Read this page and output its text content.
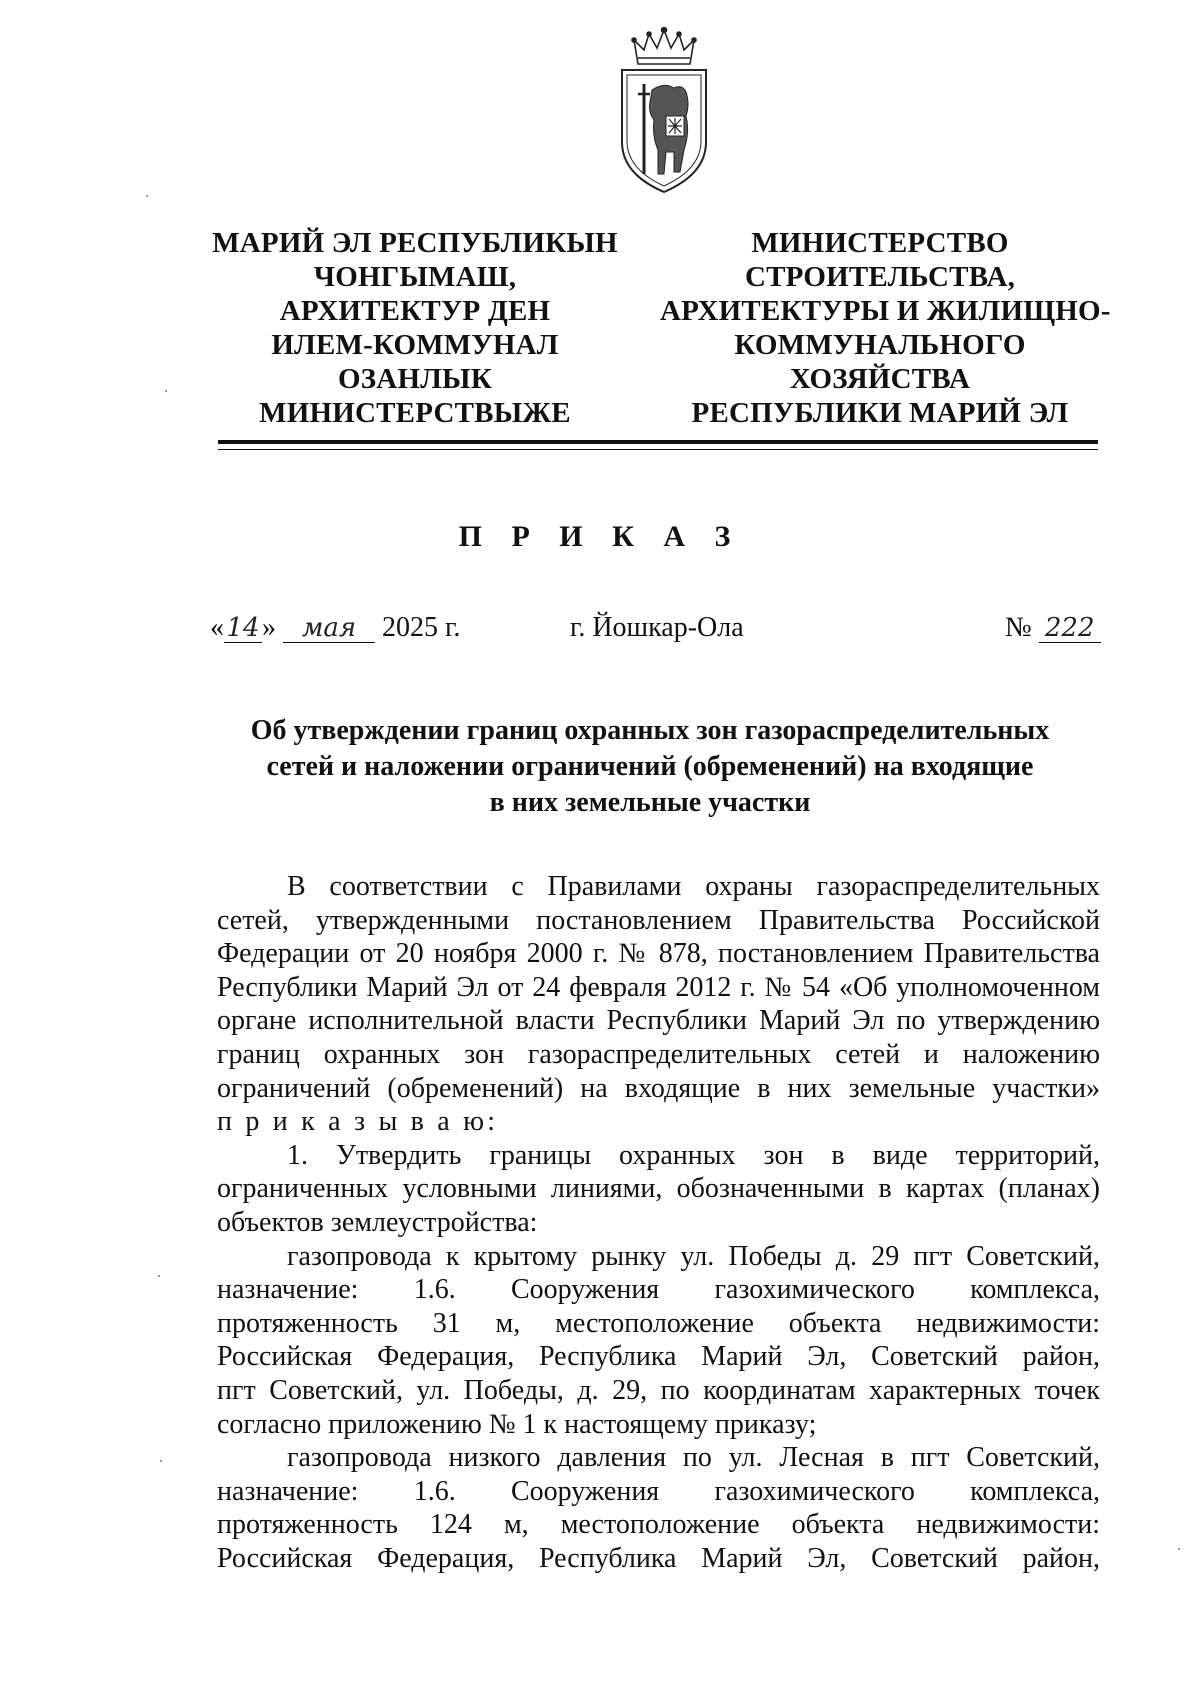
МАРИЙ ЭЛ РЕСПУБЛИКЫН
ЧОНГЫМАШ,
АРХИТЕКТУР ДЕН
ИЛЕМ-КОММУНАЛ
ОЗАНЛЫК
МИНИСТЕРСТВЫЖЕ
МИНИСТЕРСТВО
СТРОИТЕЛЬСТВА,
АРХИТЕКТУРЫ И ЖИЛИЩНО-
КОММУНАЛЬНОГО
ХОЗЯЙСТВА
РЕСПУБЛИКИ МАРИЙ ЭЛ
П Р И К А З
«14» мая 2025 г.	г. Йошкар-Ола	№ 222
Об утверждении границ охранных зон газораспределительных
сетей и наложении ограничений (обременений) на входящие
в них земельные участки
В соответствии с Правилами охраны газораспределительных
сетей, утвержденными постановлением Правительства Российской
Федерации от 20 ноября 2000 г. № 878, постановлением Правительства
Республики Марий Эл от 24 февраля 2012 г. № 54 «Об уполномоченном
органе исполнительной власти Республики Марий Эл по утверждению
границ охранных зон газораспределительных сетей и наложению
ограничений (обременений) на входящие в них земельные участки»
п р и к а з ы в а ю:
1. Утвердить границы охранных зон в виде территорий,
ограниченных условными линиями, обозначенными в картах (планах)
объектов землеустройства:
газопровода к крытому рынку ул. Победы д. 29 пгт Советский,
назначение: 1.6. Сооружения газохимического комплекса,
протяженность 31 м, местоположение объекта недвижимости:
Российская Федерация, Республика Марий Эл, Советский район,
пгт Советский, ул. Победы, д. 29, по координатам характерных точек
согласно приложению № 1 к настоящему приказу;
газопровода низкого давления по ул. Лесная в пгт Советский,
назначение: 1.6. Сооружения газохимического комплекса,
протяженность 124 м, местоположение объекта недвижимости:
Российская Федерация, Республика Марий Эл, Советский район,
